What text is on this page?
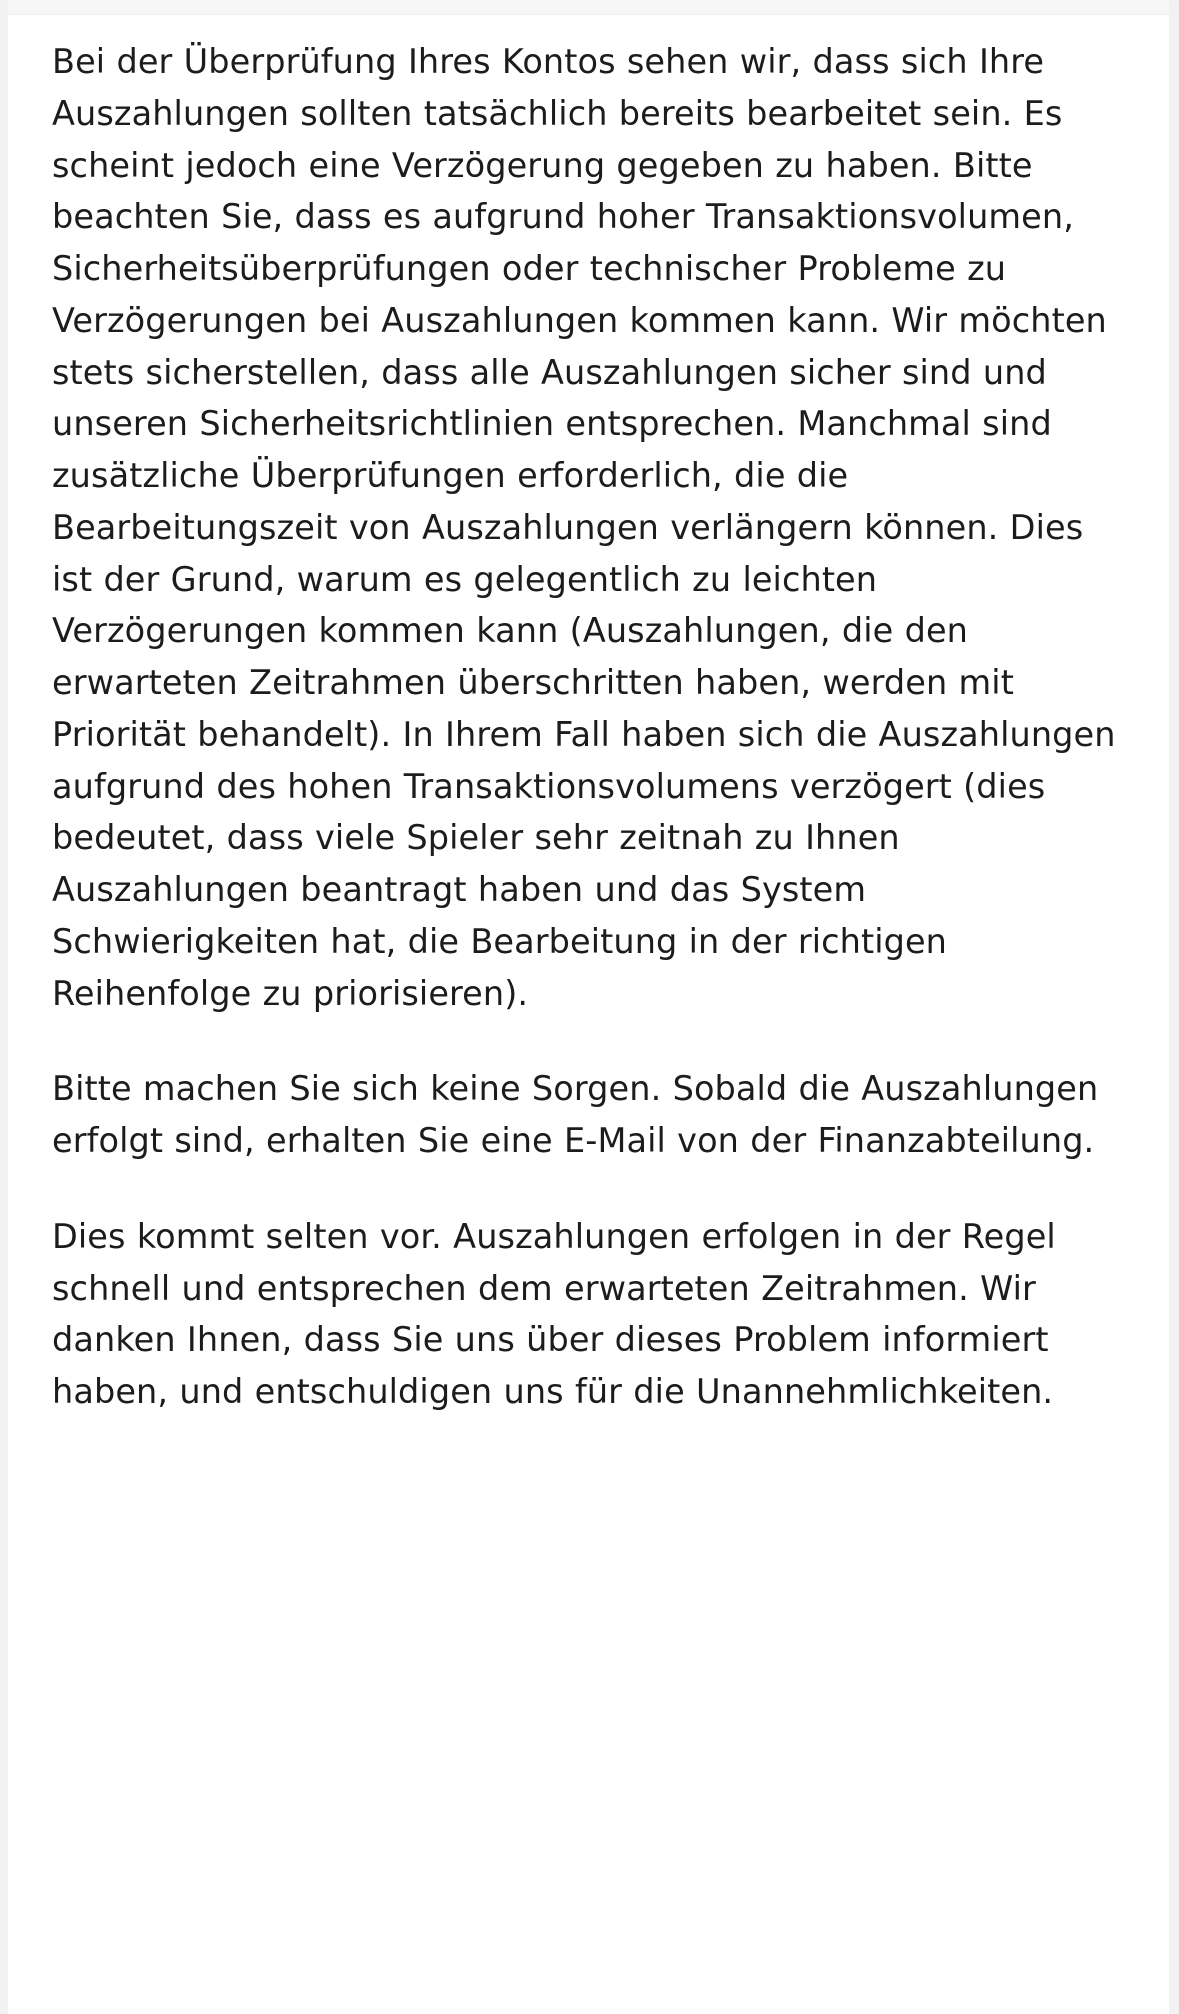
Bei der Überprüfung Ihres Kontos sehen wir, dass sich Ihre Auszahlungen sollten tatsächlich bereits bearbeitet sein. Es scheint jedoch eine Verzögerung gegeben zu haben. Bitte beachten Sie, dass es aufgrund hoher Transaktionsvolumen, Sicherheitsüberprüfungen oder technischer Probleme zu Verzögerungen bei Auszahlungen kommen kann. Wir möchten stets sicherstellen, dass alle Auszahlungen sicher sind und unseren Sicherheitsrichtlinien entsprechen. Manchmal sind zusätzliche Überprüfungen erforderlich, die die Bearbeitungszeit von Auszahlungen verlängern können. Dies ist der Grund, warum es gelegentlich zu leichten Verzögerungen kommen kann (Auszahlungen, die den erwarteten Zeitrahmen überschritten haben, werden mit Priorität behandelt). In Ihrem Fall haben sich die Auszahlungen aufgrund des hohen Transaktionsvolumens verzögert (dies bedeutet, dass viele Spieler sehr zeitnah zu Ihnen Auszahlungen beantragt haben und das System Schwierigkeiten hat, die Bearbeitung in der richtigen Reihenfolge zu priorisieren).

Bitte machen Sie sich keine Sorgen. Sobald die Auszahlungen erfolgt sind, erhalten Sie eine E-Mail von der Finanzabteilung.

Dies kommt selten vor. Auszahlungen erfolgen in der Regel schnell und entsprechen dem erwarteten Zeitrahmen. Wir danken Ihnen, dass Sie uns über dieses Problem informiert haben, und entschuldigen uns für die Unannehmlichkeiten.
